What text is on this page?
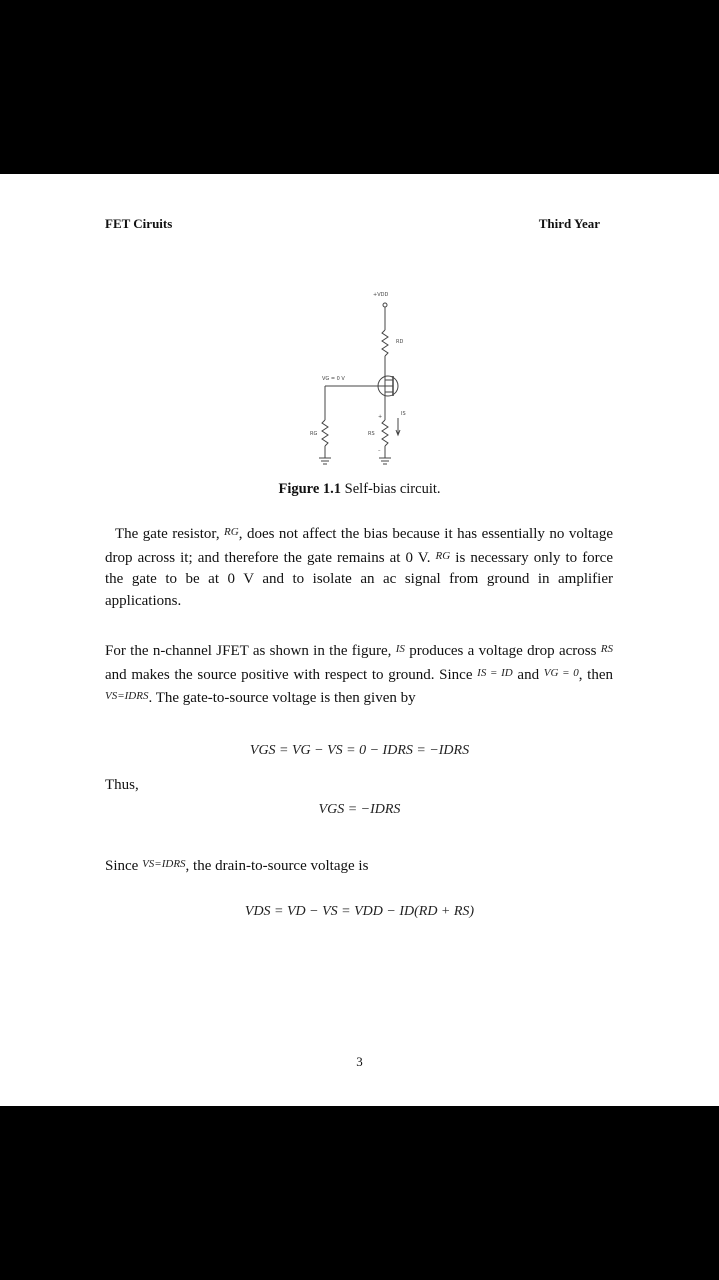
FET Ciruits	Third Year
+VDD
RD
VG = 0 V
RG	RS
IS
+
–
Figure 1.1 Self-bias circuit.
The gate resistor, $^{RG}$, does not affect the bias because it has essentially no voltage drop across it; and therefore the gate remains at 0 V. $^{RG}$ is necessary only to force the gate to be at 0 V and to isolate an ac signal from ground in amplifier applications.
For the n-channel JFET as shown in the figure, $^{IS}$ produces a voltage drop across $^{RS}$ and makes the source positive with respect to ground. Since $^{IS = ID}$ and $^{VG = 0}$, then $^{VS=IDRS}$. The gate-to-source voltage is then given by
VGS = VG − VS = 0 − IDRS = −IDRS
Thus,
VGS = −IDRS
Since $^{VS=IDRS}$, the drain-to-source voltage is
VDS = VD − VS = VDD − ID(RD + RS)
3
